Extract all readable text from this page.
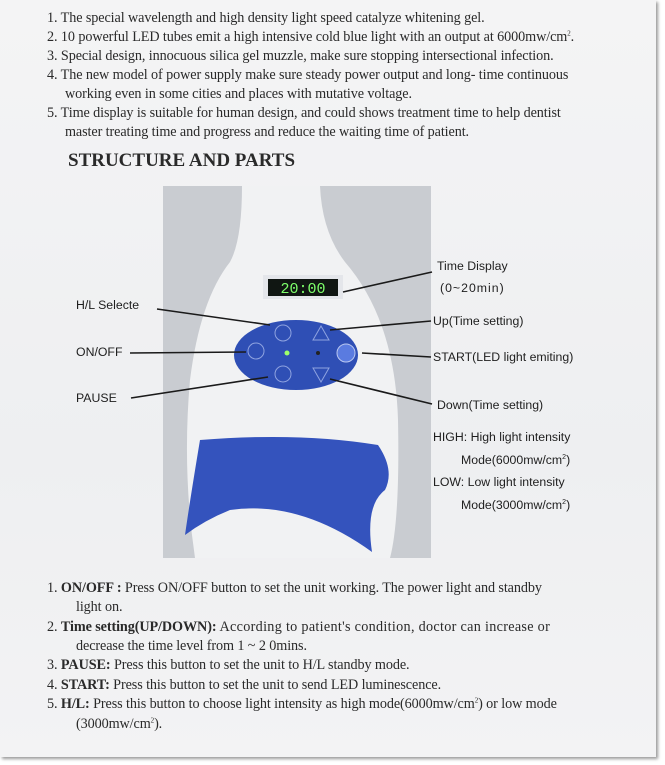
1. The special wavelength and high density light speed catalyze whitening gel.
2. 10 powerful LED tubes emit a high intensive cold blue light with an output at $6000mw/cm^2$.
3. Special design, innocuous silica gel muzzle, make sure stopping intersectional infection.
4. The new model of power supply make sure steady power output and long- time continuous
working even in some cities and places with mutative voltage.
5. Time display is suitable for human design, and could shows treatment time to help dentist
master treating time and progress and reduce the waiting time of patient.
STRUCTURE AND PARTS
20:00
Time Display
(0~20min)
H/L Selecte
Up(Time setting)
ON/OFF	START(LED light emiting)
PAUSE	Down(Time setting)
HIGH: High light intensity
$Mode(6000mw/cm^2)$
LOW: Low light intensity
$Mode(3000mw/cm^2)$
1. ON/OFF : Press ON/OFF button to set the unit working. The power light and standby
light on.
2. Time setting(UP/DOWN): According to patient's condition, doctor can increase or
decrease the time level from 1 ~ 2 0mins.
3. PAUSE: Press this button to set the unit to H/L standby mode.
4. START: Press this button to set the unit to send LED luminescence.
5. H/L: Press this button to choose light intensity as high $mode(6000mw/cm^2)$ or low mode
$(3000mw/cm^2)$.
